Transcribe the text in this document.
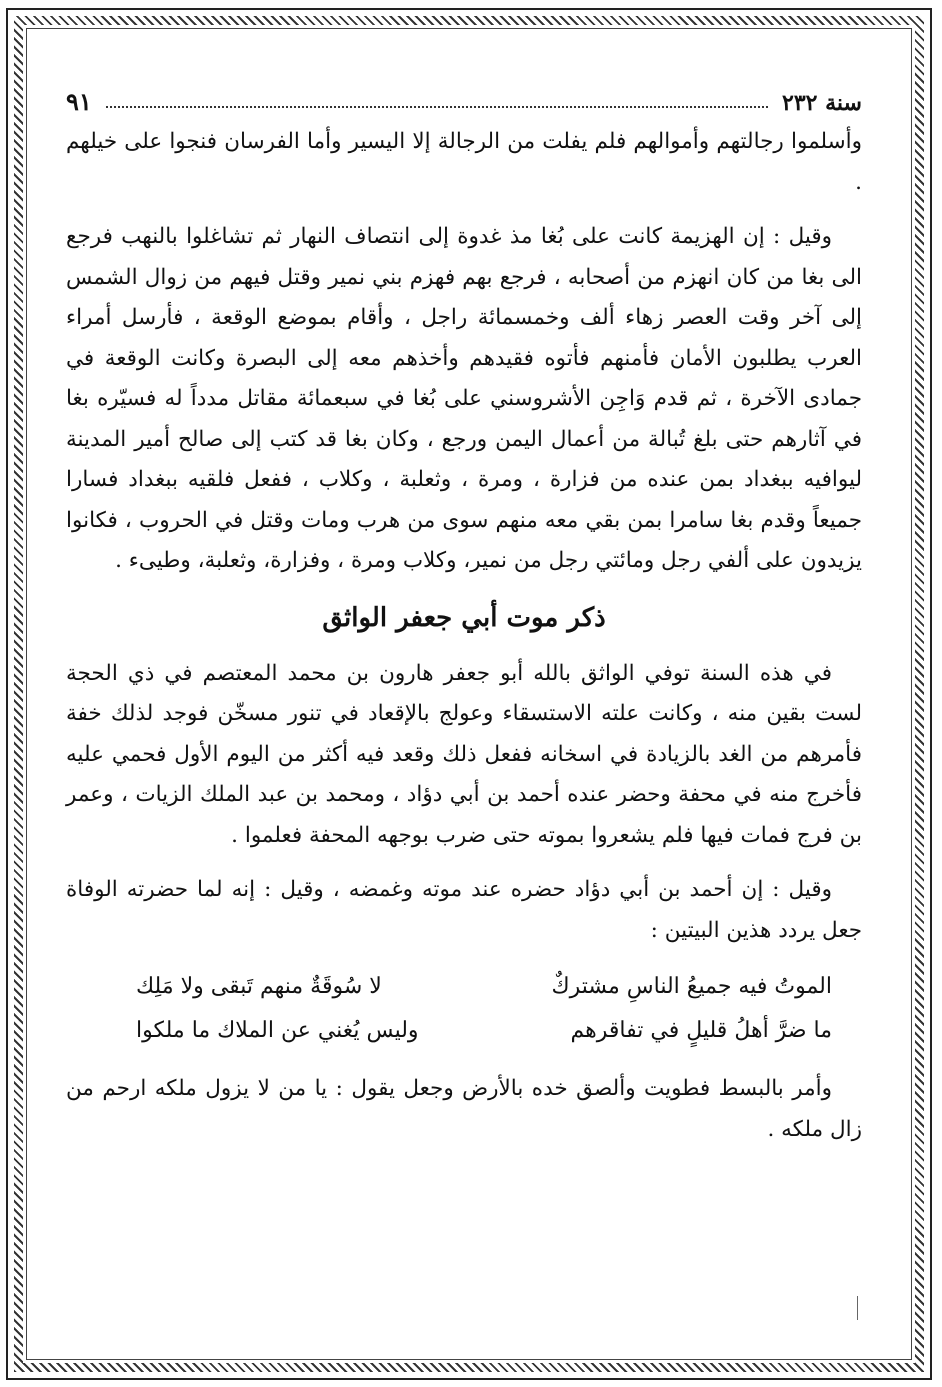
سنة ٢٣٢
٩١

وأسلموا رجالتهم وأموالهم فلم يفلت من الرجالة إلا اليسير وأما الفرسان فنجوا على خيلهم .

وقيل : إن الهزيمة كانت على بُغا مذ غدوة إلى انتصاف النهار ثم تشاغلوا بالنهب فرجع الى بغا من كان انهزم من أصحابه ، فرجع بهم فهزم بني نمير وقتل فيهم من زوال الشمس إلى آخر وقت العصر زهاء ألف وخمسمائة راجل ، وأقام بموضع الوقعة ، فأرسل أمراء العرب يطلبون الأمان فأمنهم فأتوه فقيدهم وأخذهم معه إلى البصرة وكانت الوقعة في جمادى الآخرة ، ثم قدم وَاجِن الأشروسني على بُغا في سبعمائة مقاتل مدداً له فسيّره بغا في آثارهم حتى بلغ تُبالة من أعمال اليمن ورجع ، وكان بغا قد كتب إلى صالح أمير المدينة ليوافيه ببغداد بمن عنده من فزارة ، ومرة ، وثعلبة ، وكلاب ، ففعل فلقيه ببغداد فسارا جميعاً وقدم بغا سامرا بمن بقي معه منهم سوى من هرب ومات وقتل في الحروب ، فكانوا يزيدون على ألفي رجل ومائتي رجل من نمير، وكلاب ومرة ، وفزارة، وثعلبة، وطيىء .

ذكر موت أبي جعفر الواثق

في هذه السنة توفي الواثق بالله أبو جعفر هارون بن محمد المعتصم في ذي الحجة لست بقين منه ، وكانت علته الاستسقاء وعولج بالإقعاد في تنور مسخّن فوجد لذلك خفة فأمرهم من الغد بالزيادة في اسخانه ففعل ذلك وقعد فيه أكثر من اليوم الأول فحمي عليه فأخرج منه في محفة وحضر عنده أحمد بن أبي دؤاد ، ومحمد بن عبد الملك الزيات ، وعمر بن فرج فمات فيها فلم يشعروا بموته حتى ضرب بوجهه المحفة فعلموا .

وقيل : إن أحمد بن أبي دؤاد حضره عند موته وغمضه ، وقيل : إنه لما حضرته الوفاة جعل يردد هذين البيتين :

الموتُ فيه جميعُ الناسِ مشتركٌ
لا سُوقَةٌ منهم تَبقى ولا مَلِك
ما ضرَّ أهلُ قليلٍ في تفاقرهم
وليس يُغني عن الملاك ما ملكوا

وأمر بالبسط فطويت وألصق خده بالأرض وجعل يقول : يا من لا يزول ملكه ارحم من زال ملكه .
